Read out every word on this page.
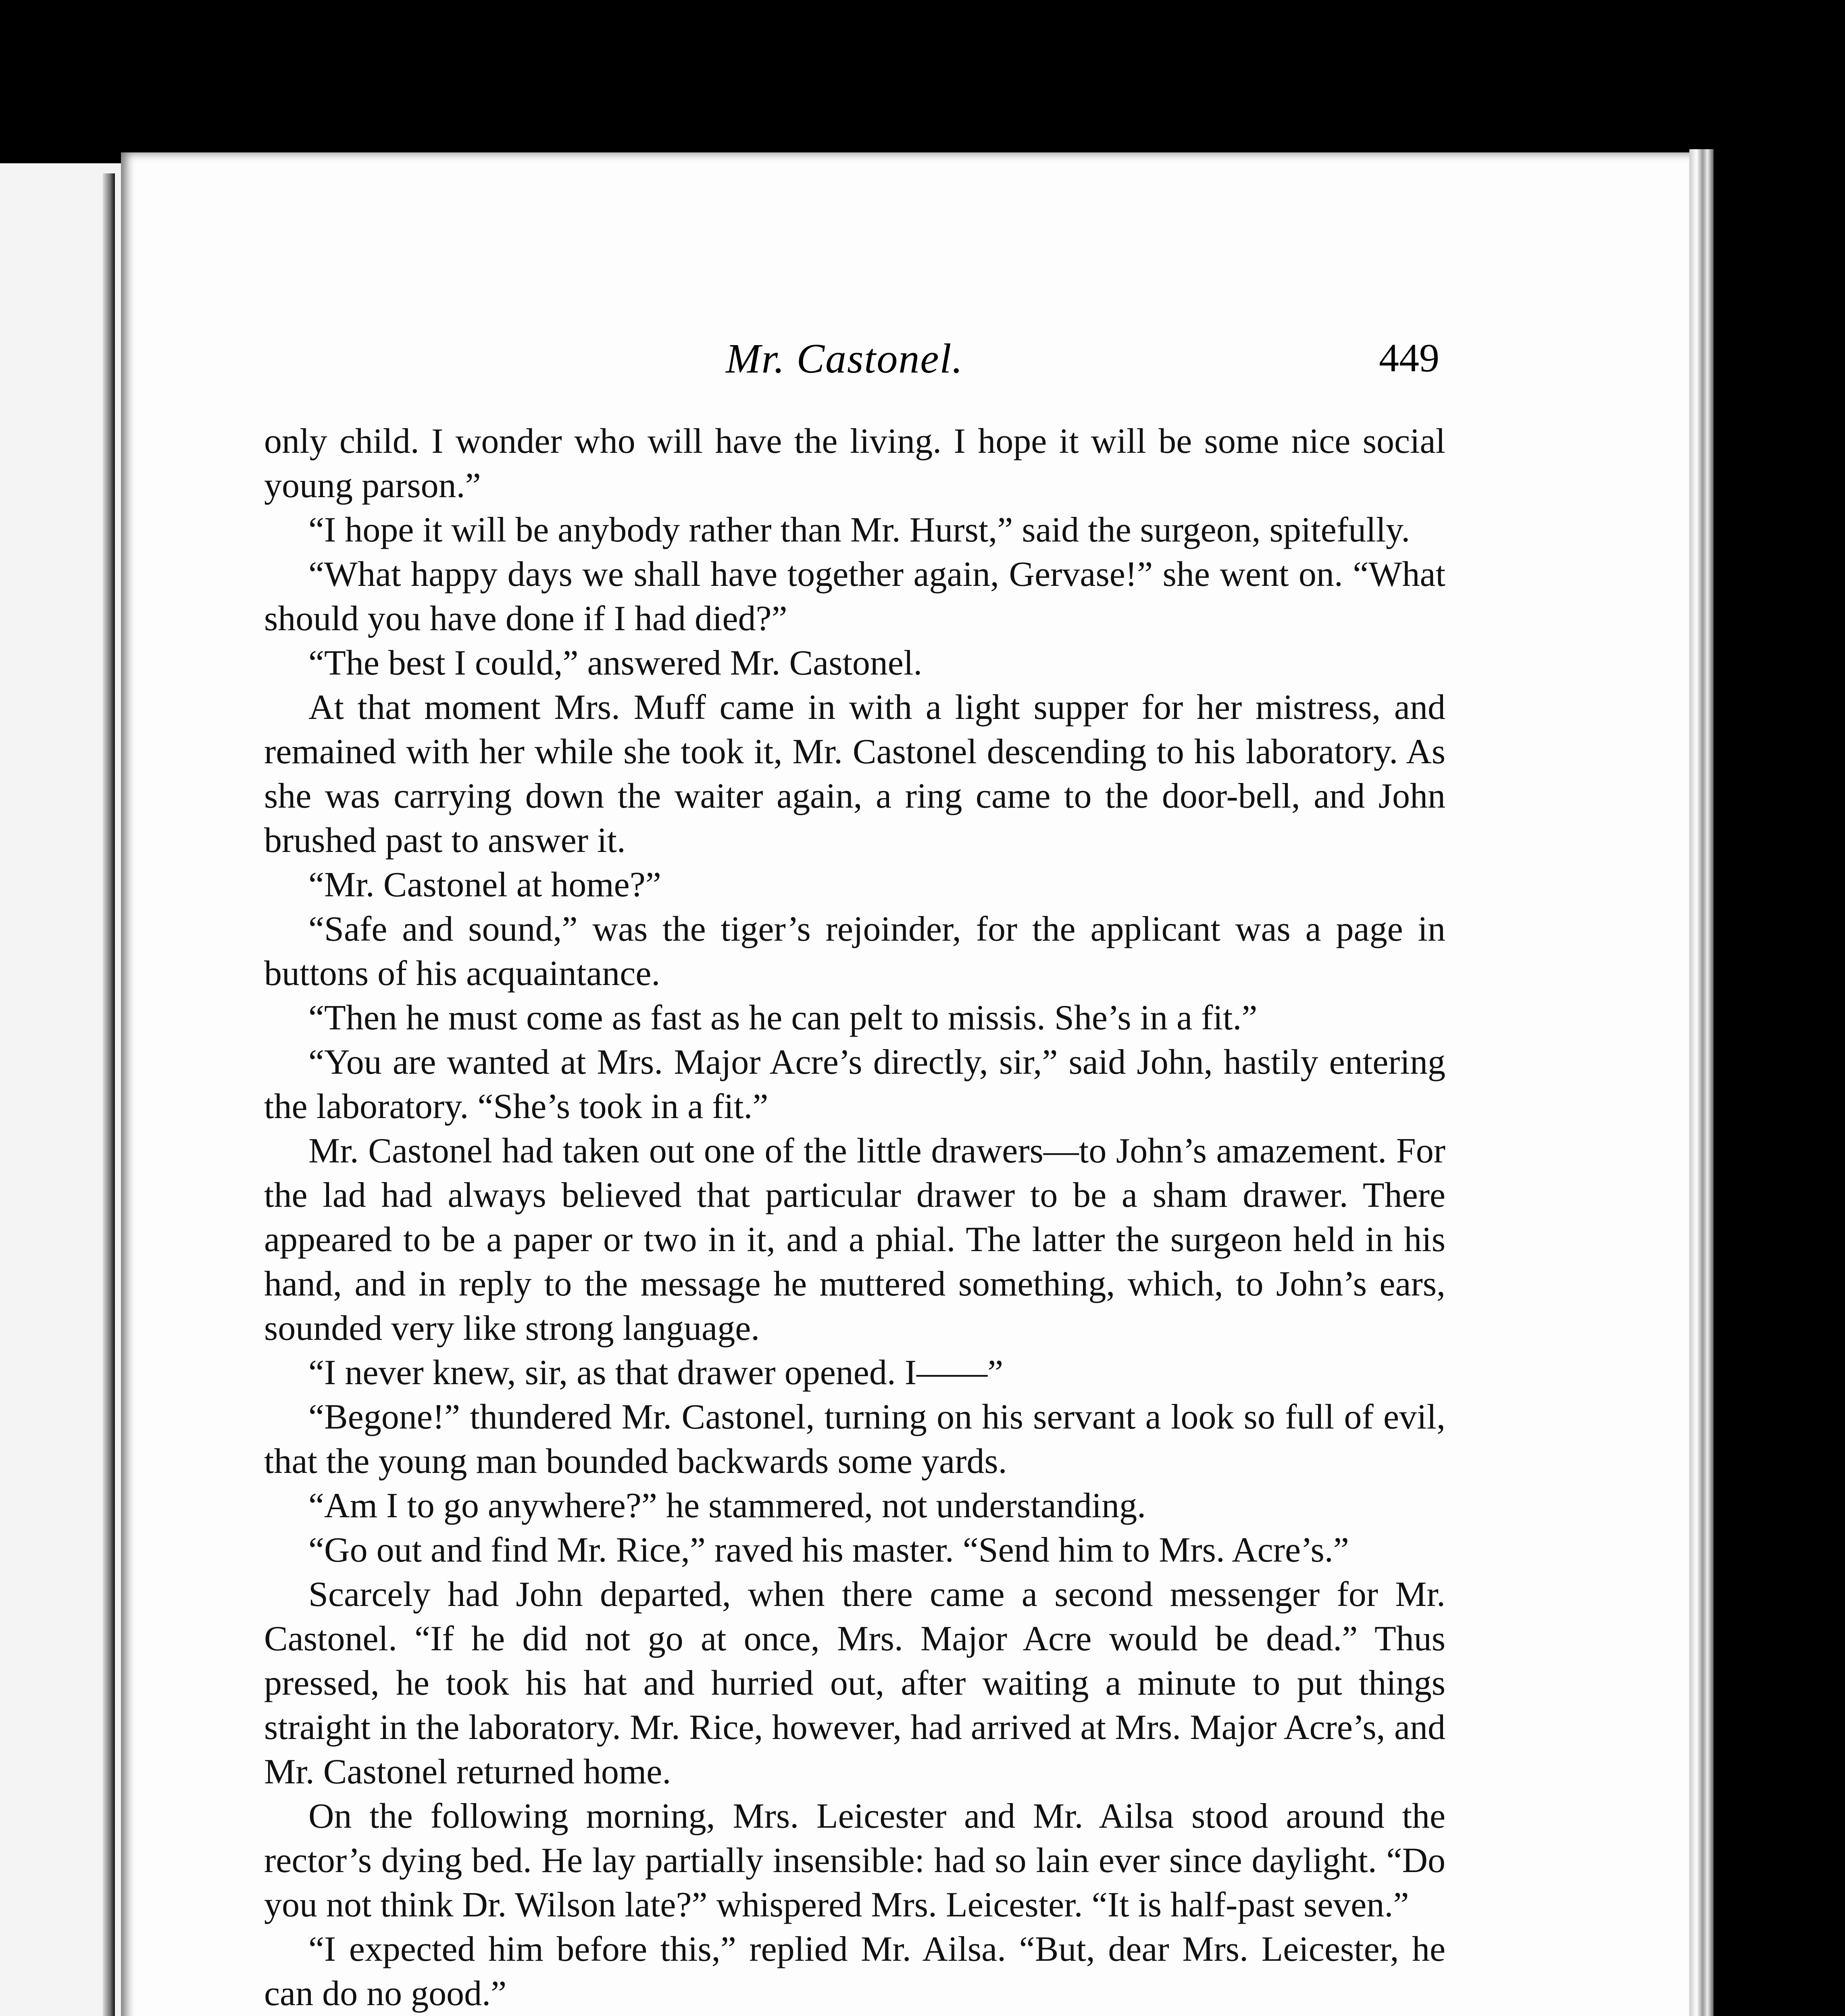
Mr. Castonel.	449

only child. I wonder who will have the living. I hope it will be some nice social young parson.”

“I hope it will be anybody rather than Mr. Hurst,” said the surgeon, spitefully.

“What happy days we shall have together again, Gervase!” she went on. “What should you have done if I had died?”

“The best I could,” answered Mr. Castonel.

At that moment Mrs. Muff came in with a light supper for her mistress, and remained with her while she took it, Mr. Castonel descending to his laboratory. As she was carrying down the waiter again, a ring came to the door-bell, and John brushed past to answer it.

“Mr. Castonel at home?”

“Safe and sound,” was the tiger’s rejoinder, for the applicant was a page in buttons of his acquaintance.

“Then he must come as fast as he can pelt to missis. She’s in a fit.”

“You are wanted at Mrs. Major Acre’s directly, sir,” said John, hastily entering the laboratory. “She’s took in a fit.”

Mr. Castonel had taken out one of the little drawers—to John’s amazement. For the lad had always believed that particular drawer to be a sham drawer. There appeared to be a paper or two in it, and a phial. The latter the surgeon held in his hand, and in reply to the message he muttered something, which, to John’s ears, sounded very like strong language.

“I never knew, sir, as that drawer opened. I——”

“Begone!” thundered Mr. Castonel, turning on his servant a look so full of evil, that the young man bounded backwards some yards.

“Am I to go anywhere?” he stammered, not understanding.

“Go out and find Mr. Rice,” raved his master. “Send him to Mrs. Acre’s.”

Scarcely had John departed, when there came a second messenger for Mr. Castonel. “If he did not go at once, Mrs. Major Acre would be dead.” Thus pressed, he took his hat and hurried out, after waiting a minute to put things straight in the laboratory. Mr. Rice, however, had arrived at Mrs. Major Acre’s, and Mr. Castonel returned home.

On the following morning, Mrs. Leicester and Mr. Ailsa stood around the rector’s dying bed. He lay partially insensible: had so lain ever since daylight. “Do you not think Dr. Wilson late?” whispered Mrs. Leicester. “It is half-past seven.”

“I expected him before this,” replied Mr. Ailsa. “But, dear Mrs. Leicester, he can do no good.”
